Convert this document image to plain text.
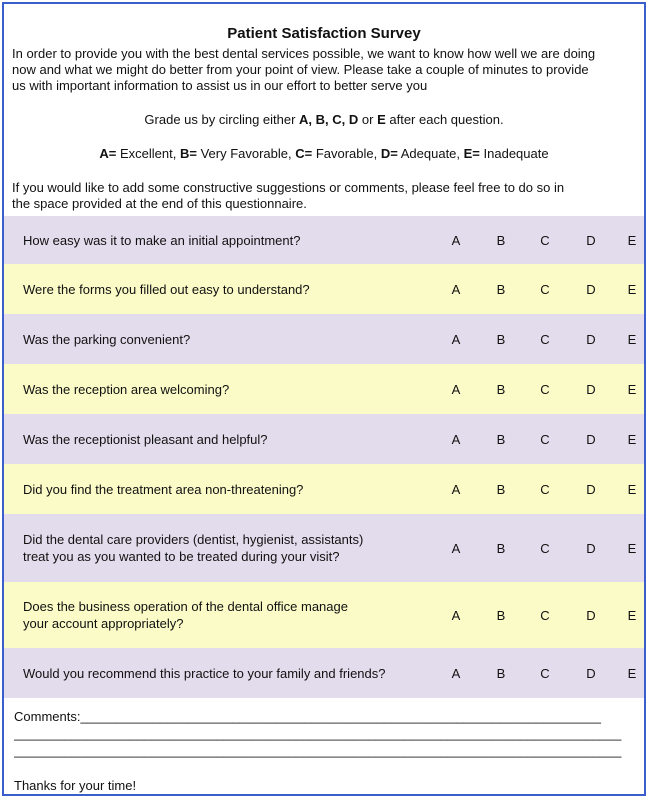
Patient Satisfaction Survey
In order to provide you with the best dental services possible, we want to know how well we are doing
now and what we might do better from your point of view. Please take a couple of minutes to provide
us with important information to assist us in our effort to better serve you
Grade us by circling either A, B, C, D or E after each question.
A= Excellent, B= Very Favorable, C= Favorable, D= Adequate, E= Inadequate
If you would like to add some constructive suggestions or comments, please feel free to do so in
the space provided at the end of this questionnaire.
How easy was it to make an initial appointment?	A	B	C	D	E
Were the forms you filled out easy to understand?	A	B	C	D	E
Was the parking convenient?	A	B	C	D	E
Was the reception area welcoming?	A	B	C	D	E
Was the receptionist pleasant and helpful?	A	B	C	D	E
Did you find the treatment area non-threatening?	A	B	C	D	E
Did the dental care providers (dentist, hygienist, assistants)
treat you as you wanted to be treated during your visit?
A	B	C	D	E
Does the business operation of the dental office manage
your account appropriately?
A	B	C	D	E
Would you recommend this practice to your family and friends?	A	B	C	D	E
Comments:________________________________________________________________________
____________________________________________________________________________________
____________________________________________________________________________________
Thanks for your time!
